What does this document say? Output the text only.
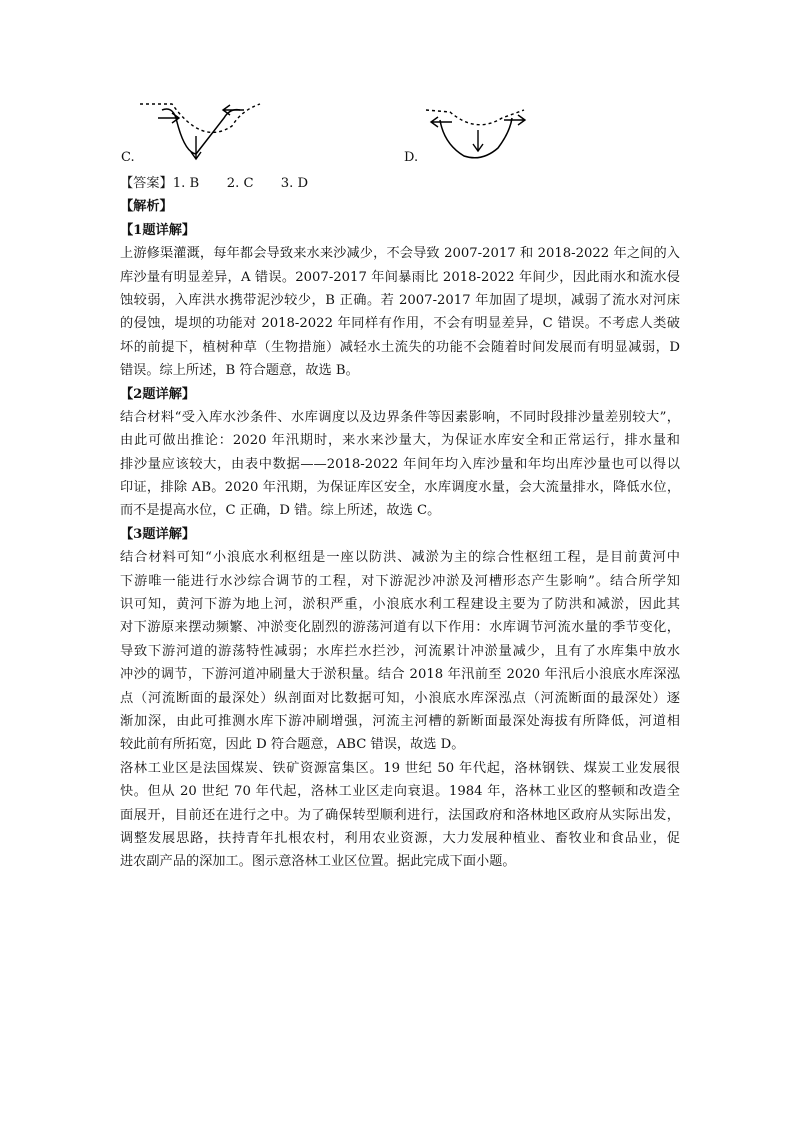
C.	D.
【答案】1. B 2. C 3. D
【解析】
【1题详解】
上游修渠灌溉，每年都会导致来水来沙减少，不会导致 2007-2017 和 2018-2022 年之间的入
库沙量有明显差异，A 错误。2007-2017 年间暴雨比 2018-2022 年间少，因此雨水和流水侵
蚀较弱，入库洪水携带泥沙较少，B 正确。若 2007-2017 年加固了堤坝，减弱了流水对河床
的侵蚀，堤坝的功能对 2018-2022 年同样有作用，不会有明显差异，C 错误。不考虑人类破
坏的前提下，植树种草（生物措施）减轻水土流失的功能不会随着时间发展而有明显减弱，D
错误。综上所述，B 符合题意，故选 B。
【2题详解】
结合材料“受入库水沙条件、水库调度以及边界条件等因素影响，不同时段排沙量差别较大”，
由此可做出推论：2020 年汛期时，来水来沙量大，为保证水库安全和正常运行，排水量和
排沙量应该较大，由表中数据——2018-2022 年间年均入库沙量和年均出库沙量也可以得以
印证，排除 AB。2020 年汛期，为保证库区安全，水库调度水量，会大流量排水，降低水位，
而不是提高水位，C 正确，D 错。综上所述，故选 C。
【3题详解】
结合材料可知“小浪底水利枢纽是一座以防洪、减淤为主的综合性枢纽工程，是目前黄河中
下游唯一能进行水沙综合调节的工程，对下游泥沙冲淤及河槽形态产生影响”。结合所学知
识可知，黄河下游为地上河，淤积严重，小浪底水利工程建设主要为了防洪和减淤，因此其
对下游原来摆动频繁、冲淤变化剧烈的游荡河道有以下作用：水库调节河流水量的季节变化，
导致下游河道的游荡特性减弱；水库拦水拦沙，河流累计冲淤量减少，且有了水库集中放水
冲沙的调节，下游河道冲刷量大于淤积量。结合 2018 年汛前至 2020 年汛后小浪底水库深泓
点（河流断面的最深处）纵剖面对比数据可知，小浪底水库深泓点（河流断面的最深处）逐
渐加深，由此可推测水库下游冲刷增强，河流主河槽的新断面最深处海拔有所降低，河道相
较此前有所拓宽，因此 D 符合题意，ABC 错误，故选 D。
洛林工业区是法国煤炭、铁矿资源富集区。19 世纪 50 年代起，洛林钢铁、煤炭工业发展很
快。但从 20 世纪 70 年代起，洛林工业区走向衰退。1984 年，洛林工业区的整顿和改造全
面展开，目前还在进行之中。为了确保转型顺利进行，法国政府和洛林地区政府从实际出发，
调整发展思路，扶持青年扎根农村，利用农业资源，大力发展种植业、畜牧业和食品业，促
进农副产品的深加工。图示意洛林工业区位置。据此完成下面小题。
